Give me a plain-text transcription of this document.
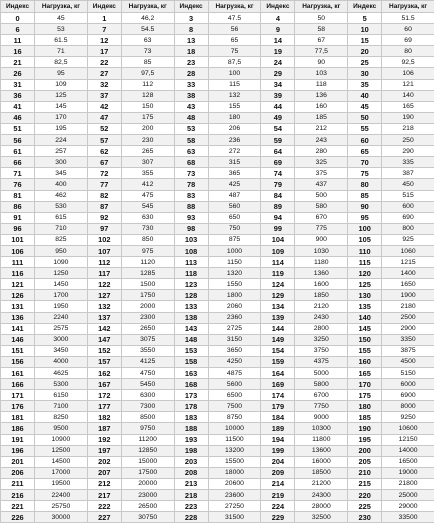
Индекс	Нагрузка, кг	Индекс	Нагрузка, кг	Индекс	Нагрузка, кг	Индекс	Нагрузка, кг	Индекс	Нагрузка, кг
0	45	1	46,2	3	47.5	4	50	5	51.5
6	53	7	54.5	8	56	9	58	10	60
11	61.5	12	63	13	65	14	67	15	69
16	71	17	73	18	75	19	77,5	20	80
21	82,5	22	85	23	87,5	24	90	25	92,5
26	95	27	97,5	28	100	29	103	30	106
31	109	32	112	33	115	34	118	35	121
36	125	37	128	38	132	39	136	40	140
41	145	42	150	43	155	44	160	45	165
46	170	47	175	48	180	49	185	50	190
51	195	52	200	53	206	54	212	55	218
56	224	57	230	58	236	59	243	60	250
61	257	62	265	63	272	64	280	65	290
66	300	67	307	68	315	69	325	70	335
71	345	72	355	73	365	74	375	75	387
76	400	77	412	78	425	79	437	80	450
81	462	82	475	83	487	84	500	85	515
86	530	87	545	88	560	89	580	90	600
91	615	92	630	93	650	94	670	95	690
96	710	97	730	98	750	99	775	100	800
101	825	102	850	103	875	104	900	105	925
106	950	107	975	108	1000	109	1030	110	1060
111	1090	112	1120	113	1150	114	1180	115	1215
116	1250	117	1285	118	1320	119	1360	120	1400
121	1450	122	1500	123	1550	124	1600	125	1650
126	1700	127	1750	128	1800	129	1850	130	1900
131	1950	132	2000	133	2060	134	2120	135	2180
136	2240	137	2300	138	2360	139	2430	140	2500
141	2575	142	2650	143	2725	144	2800	145	2900
146	3000	147	3075	148	3150	149	3250	150	3350
151	3450	152	3550	153	3650	154	3750	155	3875
156	4000	157	4125	158	4250	159	4375	160	4500
161	4625	162	4750	163	4875	164	5000	165	5150
166	5300	167	5450	168	5600	169	5800	170	6000
171	6150	172	6300	173	6500	174	6700	175	6900
176	7100	177	7300	178	7500	179	7750	180	8000
181	8250	182	8500	183	8750	184	9000	185	9250
186	9500	187	9750	188	10000	189	10300	190	10600
191	10900	192	11200	193	11500	194	11800	195	12150
196	12500	197	12850	198	13200	199	13600	200	14000
201	14500	202	15000	203	15500	204	16000	205	16500
206	17000	207	17500	208	18000	209	18500	210	19000
211	19500	212	20000	213	20600	214	21200	215	21800
216	22400	217	23000	218	23600	219	24300	220	25000
221	25750	222	26500	223	27250	224	28000	225	29000
226	30000	227	30750	228	31500	229	32500	230	33500
